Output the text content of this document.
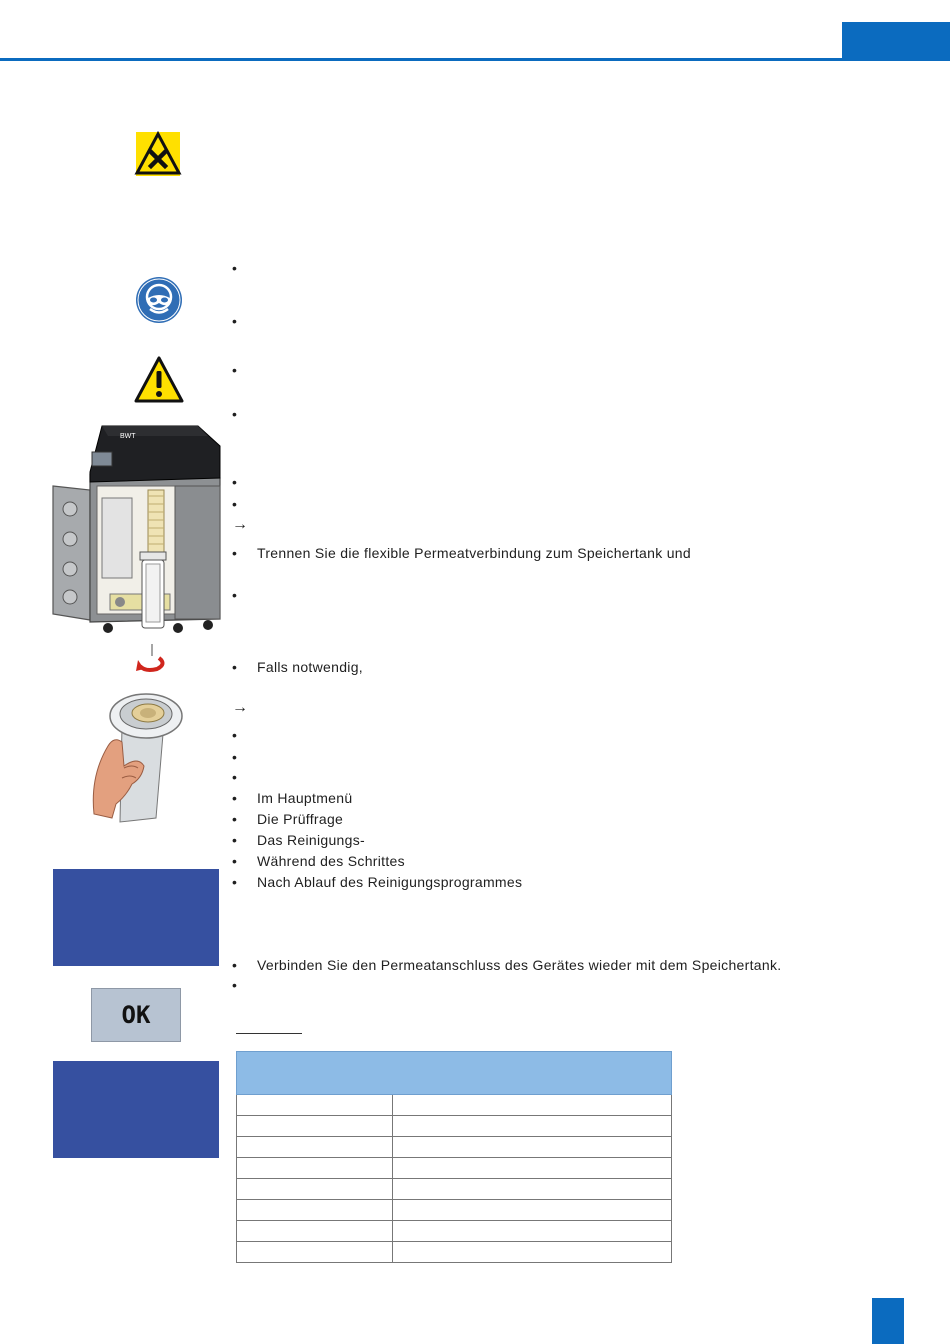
BWT
•
•
•
•
•
•
→
•	Trennen Sie die flexible Permeatverbindung zum Speichertank und
•
•	Falls notwendig,
→
•
•
•
•	Im Hauptmenü
•	Die Prüffrage
•	Das Reinigungs-
•	Während des Schrittes
•	Nach Ablauf des Reinigungsprogrammes
•	Verbinden Sie den Permeatanschluss des Gerätes wieder mit dem Speichertank.
•
OK
